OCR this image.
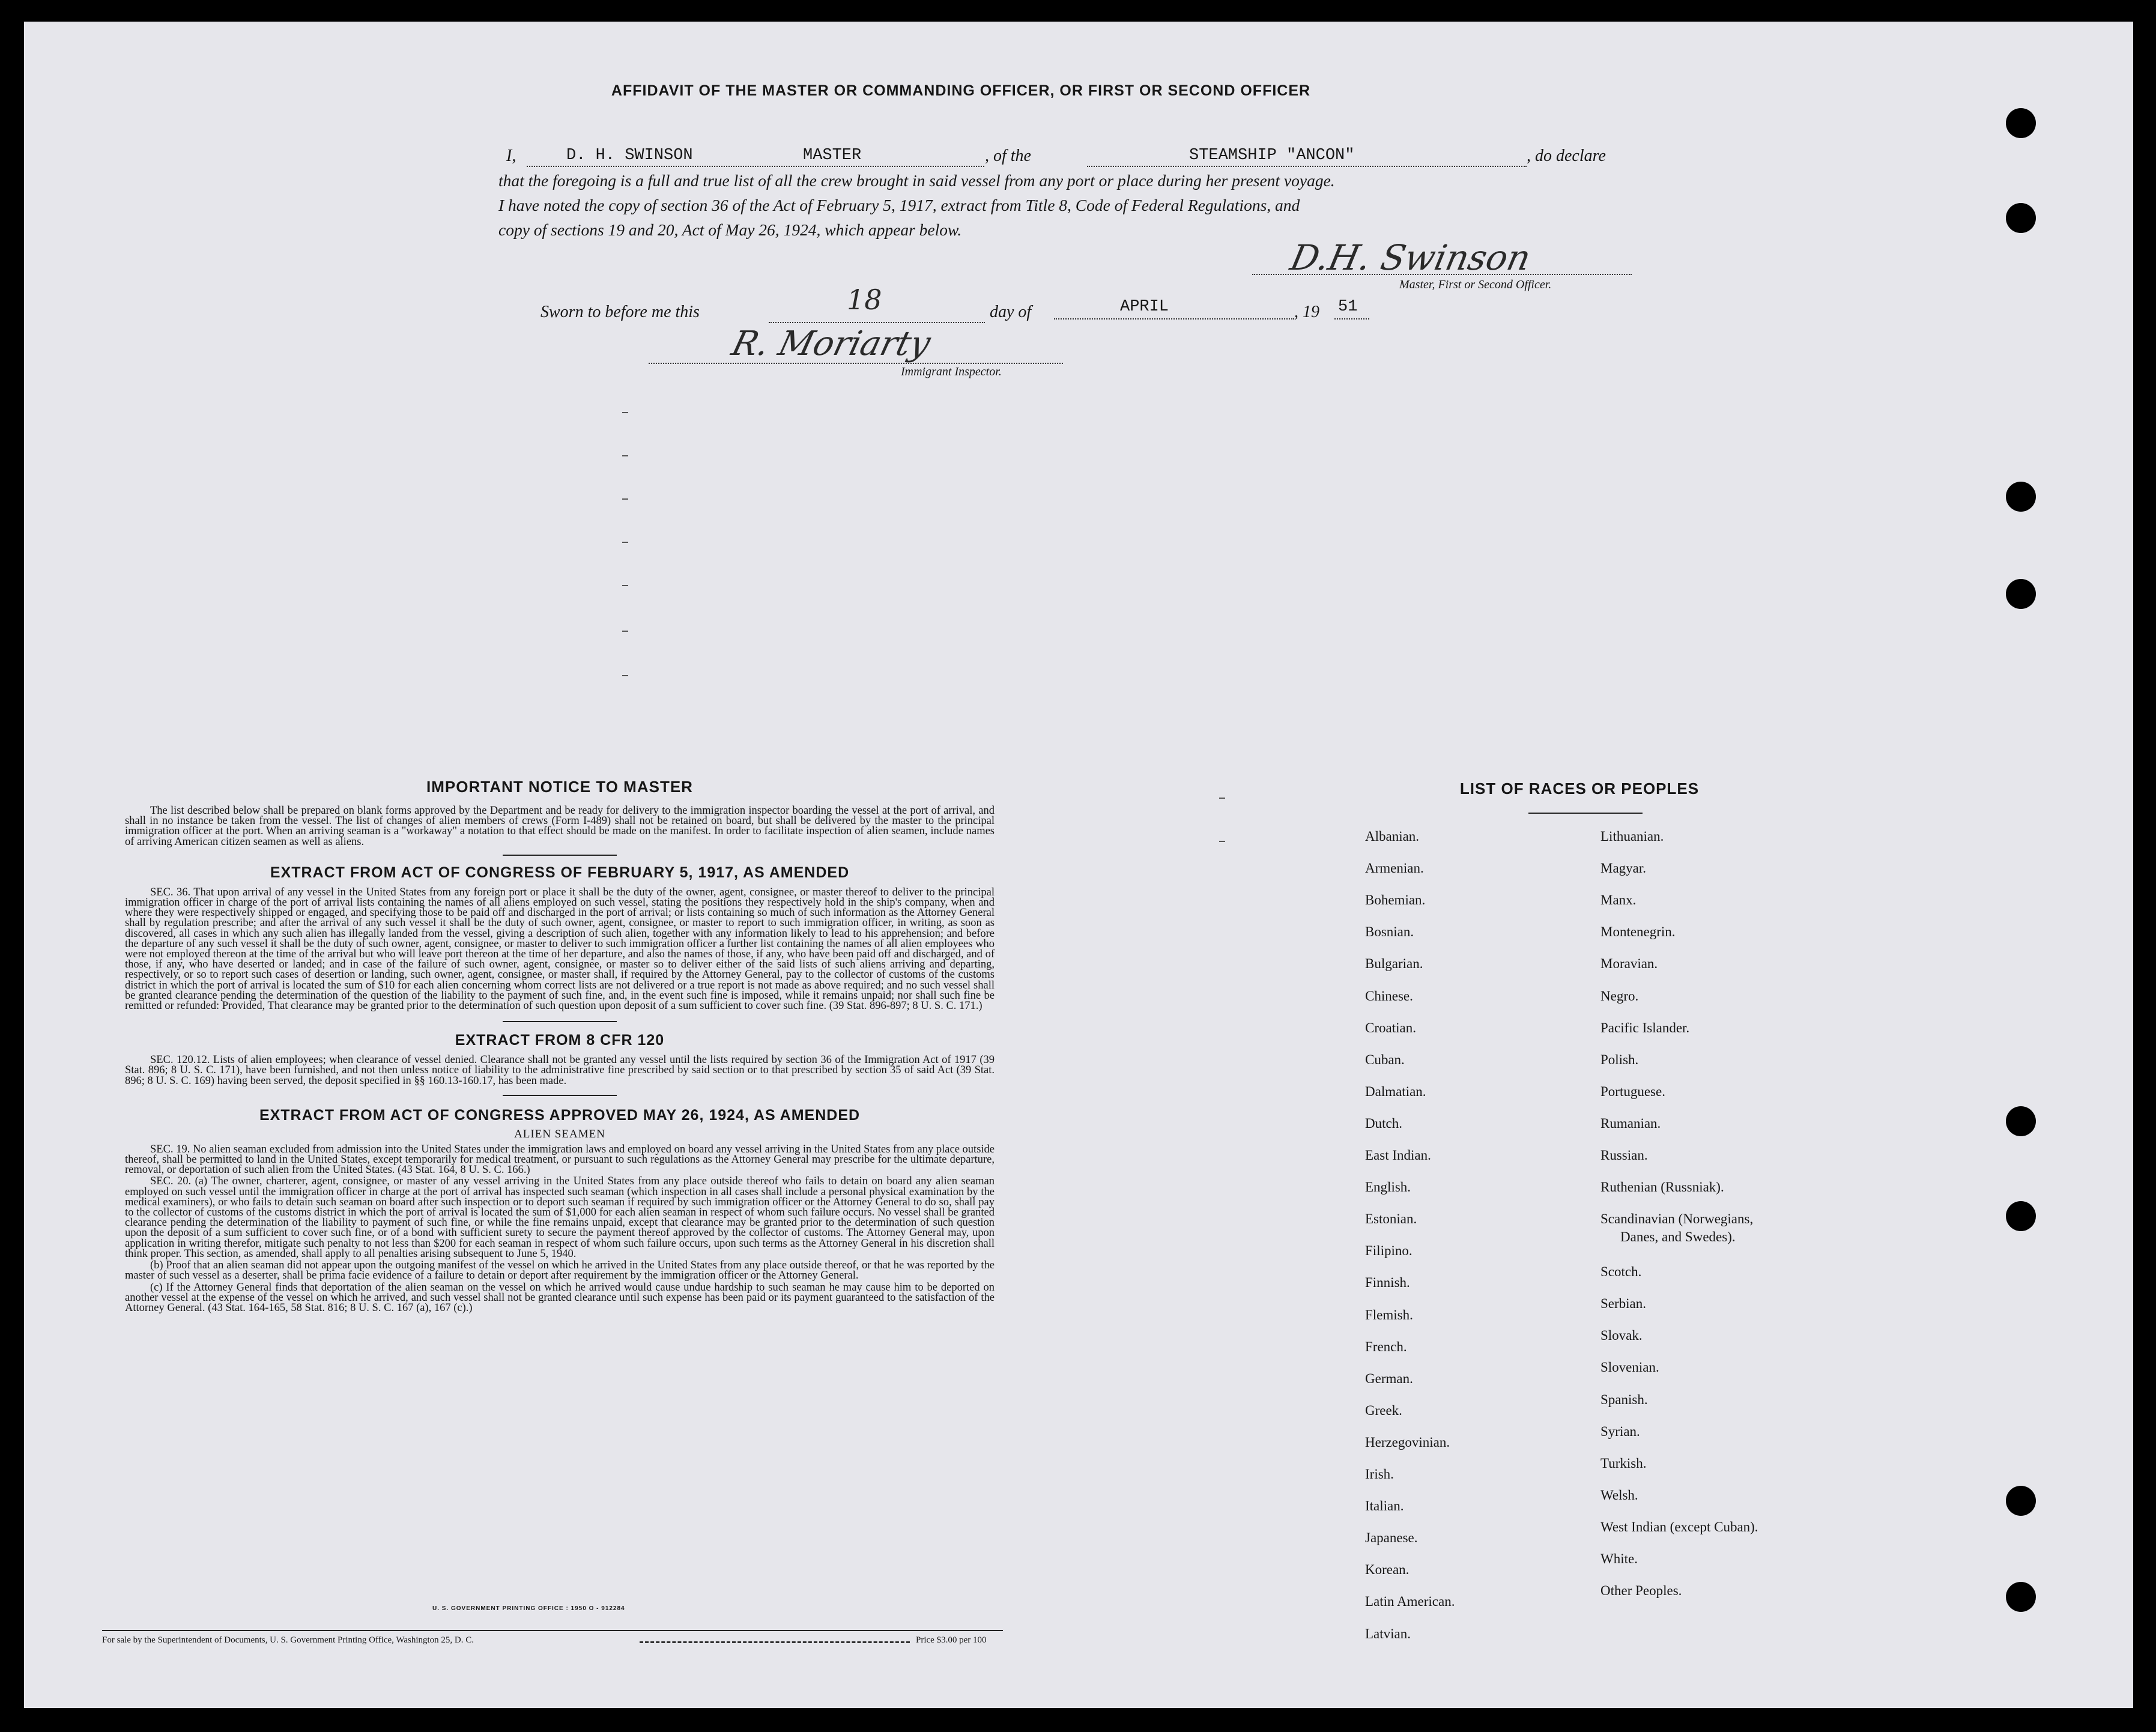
AFFIDAVIT OF THE MASTER OR COMMANDING OFFICER, OR FIRST OR SECOND OFFICER
I,	D. H. SWINSON	MASTER	, of the	STEAMSHIP "ANCON"	, do declare
that the foregoing is a full and true list of all the crew brought in said vessel from any port or place during her present voyage.
I have noted the copy of section 36 of the Act of February 5, 1917, extract from Title 8, Code of Federal Regulations, and
copy of sections 19 and 20, Act of May 26, 1924, which appear below.
D.H. Swinson
Master, First or Second Officer.
Sworn to before me this	18	day of	APRIL	, 19 51
R. Moriarty
Immigrant Inspector.
IMPORTANT NOTICE TO MASTER

The list described below shall be prepared on blank forms approved by the Department and be ready for delivery to the immigration inspector boarding the vessel at the port of arrival, and shall in no instance be taken from the vessel. The list of changes of alien members of crews (Form I-489) shall not be retained on board, but shall be delivered by the master to the principal immigration officer at the port. When an arriving seaman is a "workaway" a notation to that effect should be made on the manifest. In order to facilitate inspection of alien seamen, include names of arriving American citizen seamen as well as aliens.

EXTRACT FROM ACT OF CONGRESS OF FEBRUARY 5, 1917, AS AMENDED

SEC. 36. That upon arrival of any vessel in the United States from any foreign port or place it shall be the duty of the owner, agent, consignee, or master thereof to deliver to the principal immigration officer in charge of the port of arrival lists containing the names of all aliens employed on such vessel, stating the positions they respectively hold in the ship's company, when and where they were respectively shipped or engaged, and specifying those to be paid off and discharged in the port of arrival; or lists containing so much of such information as the Attorney General shall by regulation prescribe; and after the arrival of any such vessel it shall be the duty of such owner, agent, consignee, or master to report to such immigration officer, in writing, as soon as discovered, all cases in which any such alien has illegally landed from the vessel, giving a description of such alien, together with any information likely to lead to his apprehension; and before the departure of any such vessel it shall be the duty of such owner, agent, consignee, or master to deliver to such immigration officer a further list containing the names of all alien employees who were not employed thereon at the time of the arrival but who will leave port thereon at the time of her departure, and also the names of those, if any, who have been paid off and discharged, and of those, if any, who have deserted or landed; and in case of the failure of such owner, agent, consignee, or master so to deliver either of the said lists of such aliens arriving and departing, respectively, or so to report such cases of desertion or landing, such owner, agent, consignee, or master shall, if required by the Attorney General, pay to the collector of customs of the customs district in which the port of arrival is located the sum of $10 for each alien concerning whom correct lists are not delivered or a true report is not made as above required; and no such vessel shall be granted clearance pending the determination of the question of the liability to the payment of such fine, and, in the event such fine is imposed, while it remains unpaid; nor shall such fine be remitted or refunded: Provided, That clearance may be granted prior to the determination of such question upon deposit of a sum sufficient to cover such fine. (39 Stat. 896-897; 8 U. S. C. 171.)

EXTRACT FROM 8 CFR 120

SEC. 120.12. Lists of alien employees; when clearance of vessel denied. Clearance shall not be granted any vessel until the lists required by section 36 of the Immigration Act of 1917 (39 Stat. 896; 8 U. S. C. 171), have been furnished, and not then unless notice of liability to the administrative fine prescribed by said section or to that prescribed by section 35 of said Act (39 Stat. 896; 8 U. S. C. 169) having been served, the deposit specified in §§ 160.13-160.17, has been made.

EXTRACT FROM ACT OF CONGRESS APPROVED MAY 26, 1924, AS AMENDED
ALIEN SEAMEN

SEC. 19. No alien seaman excluded from admission into the United States under the immigration laws and employed on board any vessel arriving in the United States from any place outside thereof, shall be permitted to land in the United States, except temporarily for medical treatment, or pursuant to such regulations as the Attorney General may prescribe for the ultimate departure, removal, or deportation of such alien from the United States. (43 Stat. 164, 8 U. S. C. 166.)

SEC. 20. (a) The owner, charterer, agent, consignee, or master of any vessel arriving in the United States from any place outside thereof who fails to detain on board any alien seaman employed on such vessel until the immigration officer in charge at the port of arrival has inspected such seaman (which inspection in all cases shall include a personal physical examination by the medical examiners), or who fails to detain such seaman on board after such inspection or to deport such seaman if required by such immigration officer or the Attorney General to do so, shall pay to the collector of customs of the customs district in which the port of arrival is located the sum of $1,000 for each alien seaman in respect of whom such failure occurs. No vessel shall be granted clearance pending the determination of the liability to payment of such fine, or while the fine remains unpaid, except that clearance may be granted prior to the determination of such question upon the deposit of a sum sufficient to cover such fine, or of a bond with sufficient surety to secure the payment thereof approved by the collector of customs. The Attorney General may, upon application in writing therefor, mitigate such penalty to not less than $200 for each seaman in respect of whom such failure occurs, upon such terms as the Attorney General in his discretion shall think proper. This section, as amended, shall apply to all penalties arising subsequent to June 5, 1940.

(b) Proof that an alien seaman did not appear upon the outgoing manifest of the vessel on which he arrived in the United States from any place outside thereof, or that he was reported by the master of such vessel as a deserter, shall be prima facie evidence of a failure to detain or deport after requirement by the immigration officer or the Attorney General.

(c) If the Attorney General finds that deportation of the alien seaman on the vessel on which he arrived would cause undue hardship to such seaman he may cause him to be deported on another vessel at the expense of the vessel on which he arrived, and such vessel shall not be granted clearance until such expense has been paid or its payment guaranteed to the satisfaction of the Attorney General. (43 Stat. 164-165, 58 Stat. 816; 8 U. S. C. 167 (a), 167 (c).)

U. S. GOVERNMENT PRINTING OFFICE : 1950 O - 912284
For sale by the Superintendent of Documents, U. S. Government Printing Office, Washington 25, D. C.	Price $3.00 per 100
LIST OF RACES OR PEOPLES
Albanian.
Armenian.
Bohemian.
Bosnian.
Bulgarian.
Chinese.
Croatian.
Cuban.
Dalmatian.
Dutch.
East Indian.
English.
Estonian.
Filipino.
Finnish.
Flemish.
French.
German.
Greek.
Herzegovinian.
Irish.
Italian.
Japanese.
Korean.
Latin American.
Latvian.
Lithuanian.
Magyar.
Manx.
Montenegrin.
Moravian.
Negro.
Pacific Islander.
Polish.
Portuguese.
Rumanian.
Russian.
Ruthenian (Russniak).
Scandinavian (Norwegians,
Danes, and Swedes).
Scotch.
Serbian.
Slovak.
Slovenian.
Spanish.
Syrian.
Turkish.
Welsh.
West Indian (except Cuban).
White.
Other Peoples.
